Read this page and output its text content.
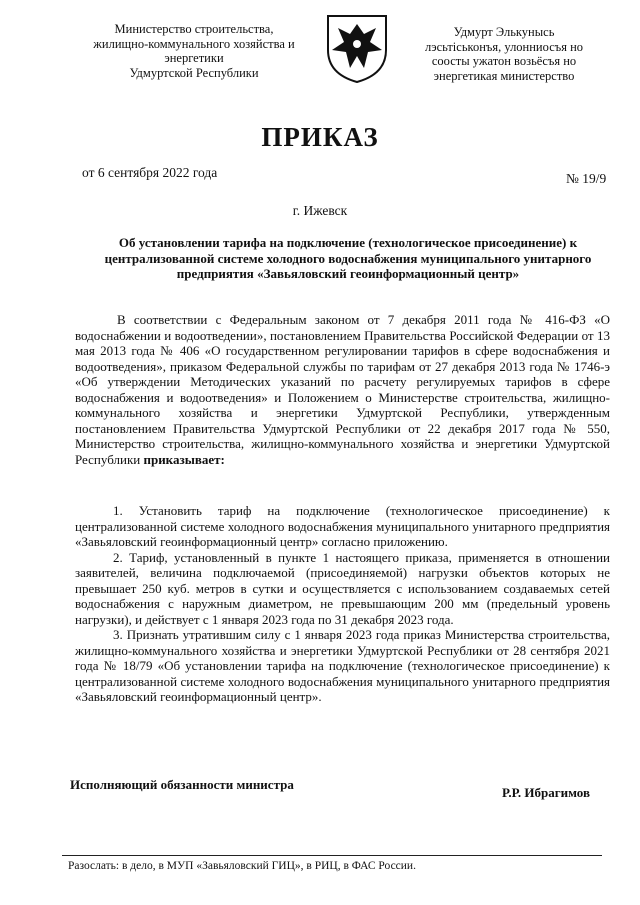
Министерство строительства,
жилищно-коммунального хозяйства и
энергетики
Удмуртской Республики
Удмурт Элькунысь
лэсьтiськонъя, улонниосъя но
соосты ужатон возьёсъя но
энергетикая министерство
ПРИКАЗ
от 6 сентября 2022 года	№ 19/9
г. Ижевск
Об установлении тарифа на подключение (технологическое присоединение) к централизованной системе холодного водоснабжения муниципального унитарного предприятия «Завьяловский геоинформационный центр»

В соответствии с Федеральным законом от 7 декабря 2011 года № 416-ФЗ «О водоснабжении и водоотведении», постановлением Правительства Российской Федерации от 13 мая 2013 года № 406 «О государственном регулировании тарифов в сфере водоснабжения и водоотведения», приказом Федеральной службы по тарифам от 27 декабря 2013 года № 1746-э «Об утверждении Методических указаний по расчету регулируемых тарифов в сфере водоснабжения и водоотведения» и Положением о Министерстве строительства, жилищно-коммунального хозяйства и энергетики Удмуртской Республики, утвержденным постановлением Правительства Удмуртской Республики от 22 декабря 2017 года № 550, Министерство строительства, жилищно-коммунального хозяйства и энергетики Удмуртской Республики приказывает:

1. Установить тариф на подключение (технологическое присоединение) к централизованной системе холодного водоснабжения муниципального унитарного предприятия «Завьяловский геоинформационный центр» согласно приложению.

2. Тариф, установленный в пункте 1 настоящего приказа, применяется в отношении заявителей, величина подключаемой (присоединяемой) нагрузки объектов которых не превышает 250 куб. метров в сутки и осуществляется с использованием создаваемых сетей водоснабжения с наружным диаметром, не превышающим 200 мм (предельный уровень нагрузки), и действует с 1 января 2023 года по 31 декабря 2023 года.

3. Признать утратившим силу с 1 января 2023 года приказ Министерства строительства, жилищно-коммунального хозяйства и энергетики Удмуртской Республики от 28 сентября 2021 года № 18/79 «Об установлении тарифа на подключение (технологическое присоединение) к централизованной системе холодного водоснабжения муниципального унитарного предприятия «Завьяловский геоинформационный центр».

Исполняющий обязанности министра
Р.Р. Ибрагимов
Разослать: в дело, в МУП «Завьяловский ГИЦ», в РИЦ, в ФАС России.
